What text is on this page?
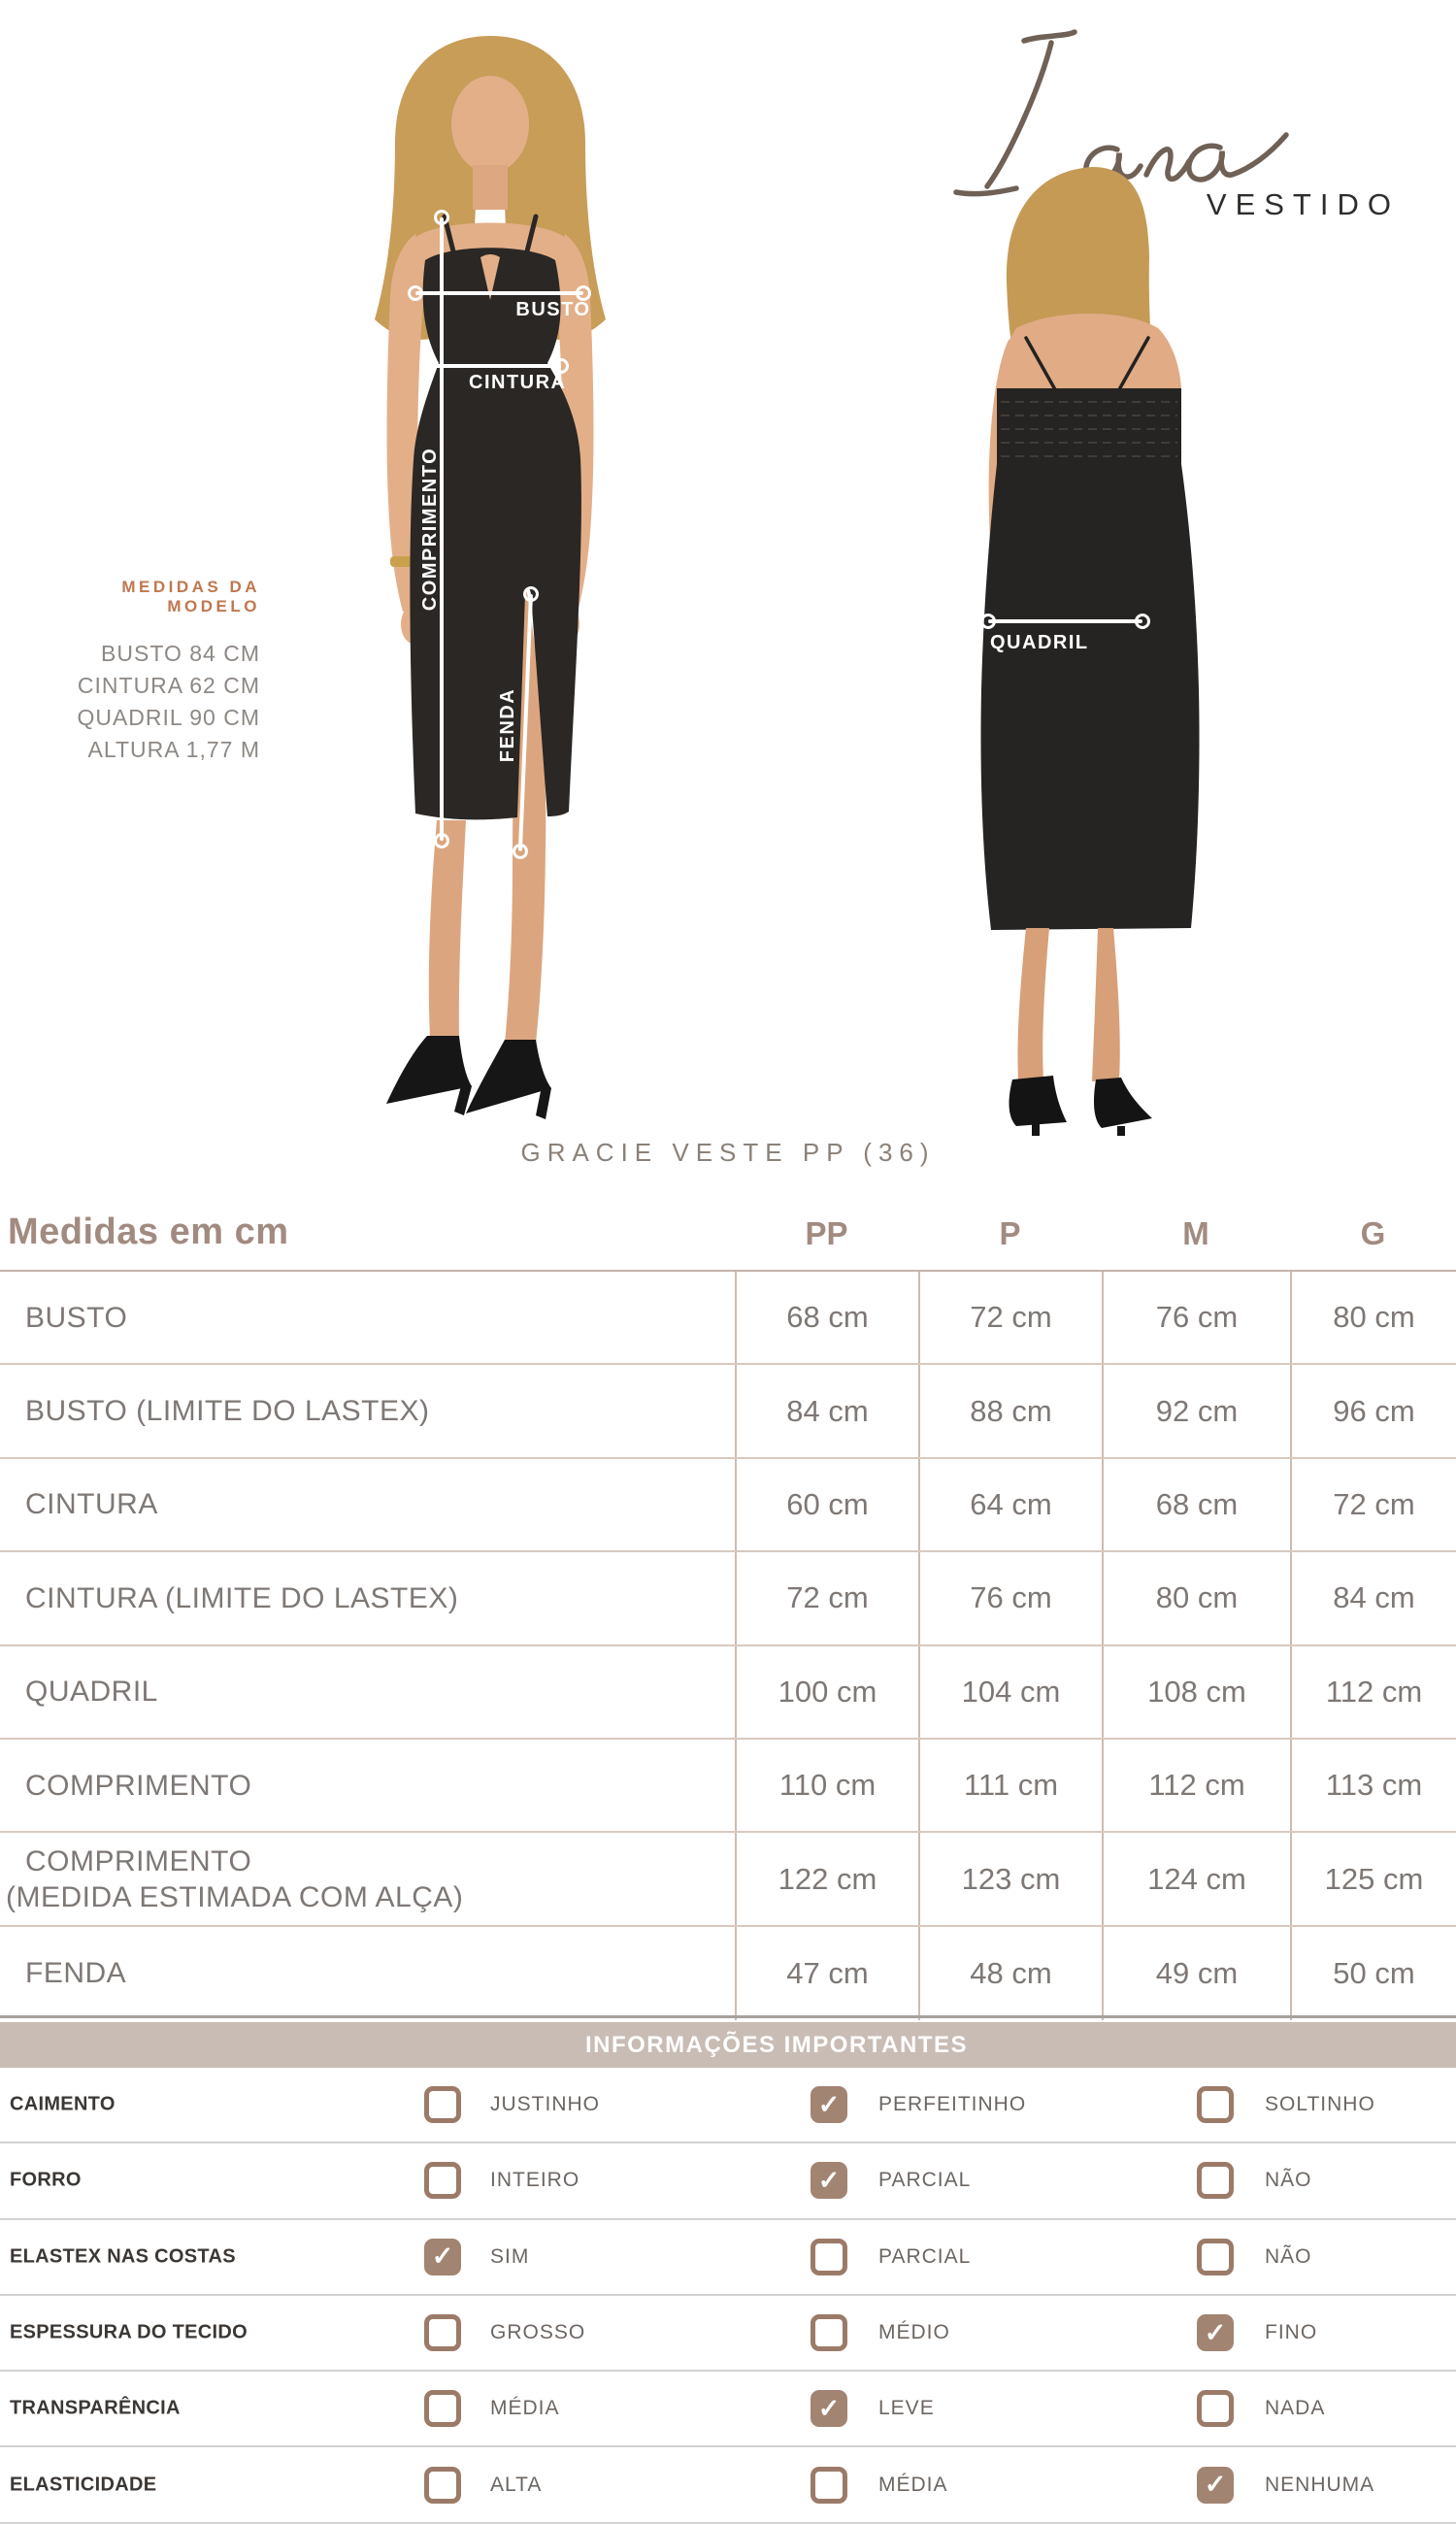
VESTIDO
MEDIDAS DA MODELO
BUSTO 84 CM
CINTURA 62 CM
QUADRIL 90 CM
ALTURA 1,77 M
BUSTO
CINTURA
COMPRIMENTO
FENDA
QUADRIL
GRACIE VESTE PP (36)
Medidas em cm	PP	P	M	G
BUSTO	68 cm	72 cm	76 cm	80 cm
BUSTO (LIMITE DO LASTEX)	84 cm	88 cm	92 cm	96 cm
CINTURA	60 cm	64 cm	68 cm	72 cm
CINTURA (LIMITE DO LASTEX)	72 cm	76 cm	80 cm	84 cm
QUADRIL	100 cm	104 cm	108 cm	112 cm
COMPRIMENTO	110 cm	111 cm	112 cm	113 cm
COMPRIMENTO
(MEDIDA ESTIMADA COM ALÇA)
122 cm	123 cm	124 cm	125 cm
FENDA	47 cm	48 cm	49 cm	50 cm
INFORMAÇÕES IMPORTANTES
CAIMENTO	JUSTINHO	✓ PERFEITINHO	SOLTINHO
FORRO	INTEIRO	✓ PARCIAL	NÃO
ELASTEX NAS COSTAS	✓ SIM	PARCIAL	NÃO
ESPESSURA DO TECIDO	GROSSO	MÉDIO	✓ FINO
TRANSPARÊNCIA	MÉDIA	✓ LEVE	NADA
ELASTICIDADE	ALTA	MÉDIA	✓ NENHUMA
